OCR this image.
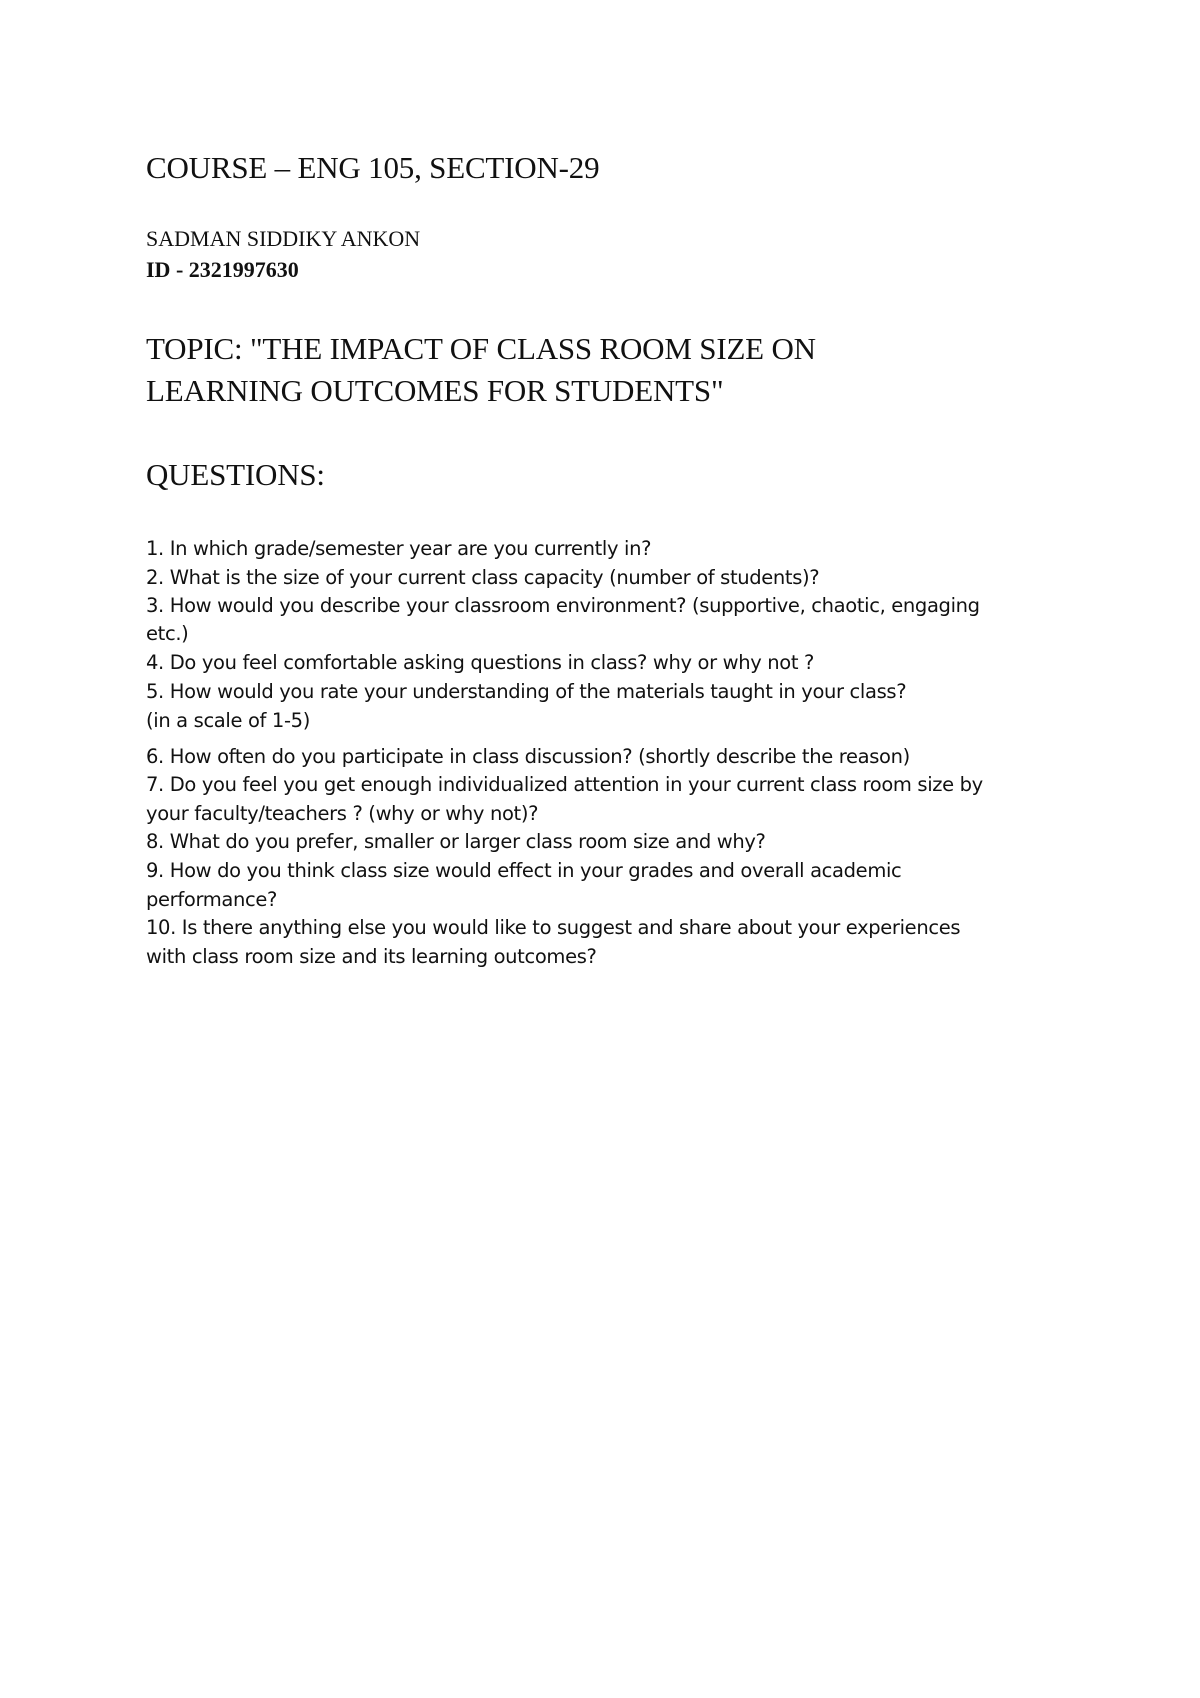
COURSE – ENG 105, SECTION-29
SADMAN SIDDIKY ANKON
ID - 2321997630
TOPIC: "THE IMPACT OF CLASS ROOM SIZE ON
LEARNING OUTCOMES FOR STUDENTS"
QUESTIONS:
1. In which grade/semester year are you currently in?
2. What is the size of your current class capacity (number of students)?
3. How would you describe your classroom environment? (supportive, chaotic, engaging
etc.)
4. Do you feel comfortable asking questions in class? why or why not ?
5. How would you rate your understanding of the materials taught in your class?
(in a scale of 1-5)
6. How often do you participate in class discussion? (shortly describe the reason)
7. Do you feel you get enough individualized attention in your current class room size by
your faculty/teachers ? (why or why not)?
8. What do you prefer, smaller or larger class room size and why?
9. How do you think class size would effect in your grades and overall academic
performance?
10. Is there anything else you would like to suggest and share about your experiences
with class room size and its learning outcomes?
